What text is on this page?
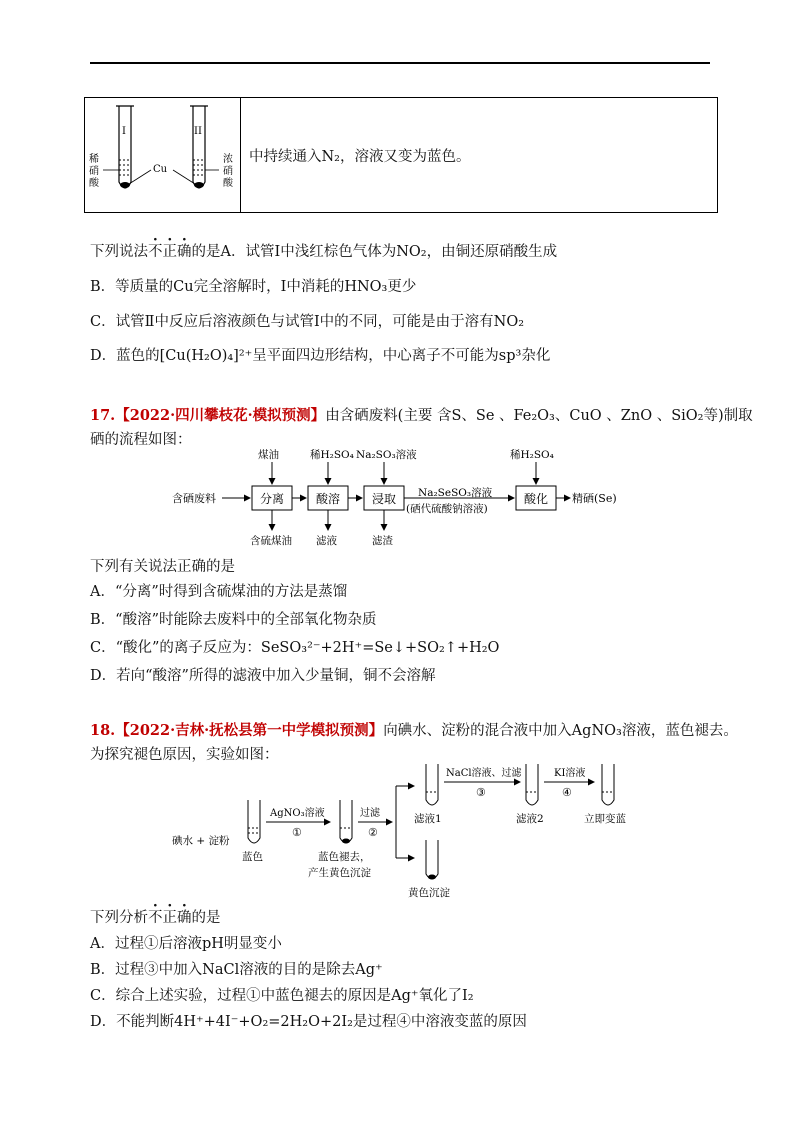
I	II
Cu
稀
硝
酸
浓
硝
酸
中持续通入N₂，溶液又变为蓝色。
下列说法不正确的是A．试管Ⅰ中浅红棕色气体为NO₂，由铜还原硝酸生成
B．等质量的Cu完全溶解时，Ⅰ中消耗的HNO₃更少
C．试管Ⅱ中反应后溶液颜色与试管Ⅰ中的不同，可能是由于溶有NO₂
D．蓝色的[Cu(H₂O)₄]²⁺呈平面四边形结构，中心离子不可能为sp³杂化
17.【2022·四川攀枝花·模拟预测】由含硒废料(主要 含S、Se 、Fe₂O₃、CuO 、ZnO 、SiO₂等)制取
硒的流程如图：
含硒废料	分离	酸溶	浸取 Na₂SeSO₃溶液
(硒代硫酸钠溶液)
酸化 精硒(Se)
煤油	稀H₂SO₄ Na₂SO₃溶液	稀H₂SO₄
含硫煤油 滤液	滤渣
下列有关说法正确的是
A．“分离”时得到含硫煤油的方法是蒸馏
B．“酸溶”时能除去废料中的全部氧化物杂质
C．“酸化”的离子反应为：SeSO₃²⁻+2H⁺=Se↓+SO₂↑+H₂O
D．若向“酸溶”所得的滤液中加入少量铜，铜不会溶解
18.【2022·吉林·抚松县第一中学模拟预测】向碘水、淀粉的混合液中加入AgNO₃溶液，蓝色褪去。
为探究褪色原因，实验如图：
碘水 + 淀粉
蓝色
AgNO₃溶液
①
蓝色褪去，
产生黄色沉淀
过滤
②
滤液1
NaCl溶液、过滤
③
滤液2
KI溶液
④
立即变蓝
黄色沉淀
下列分析不正确的是
A．过程①后溶液pH明显变小
B．过程③中加入NaCl溶液的目的是除去Ag⁺
C．综合上述实验，过程①中蓝色褪去的原因是Ag⁺氧化了I₂
D．不能判断4H⁺+4I⁻+O₂=2H₂O+2I₂是过程④中溶液变蓝的原因
